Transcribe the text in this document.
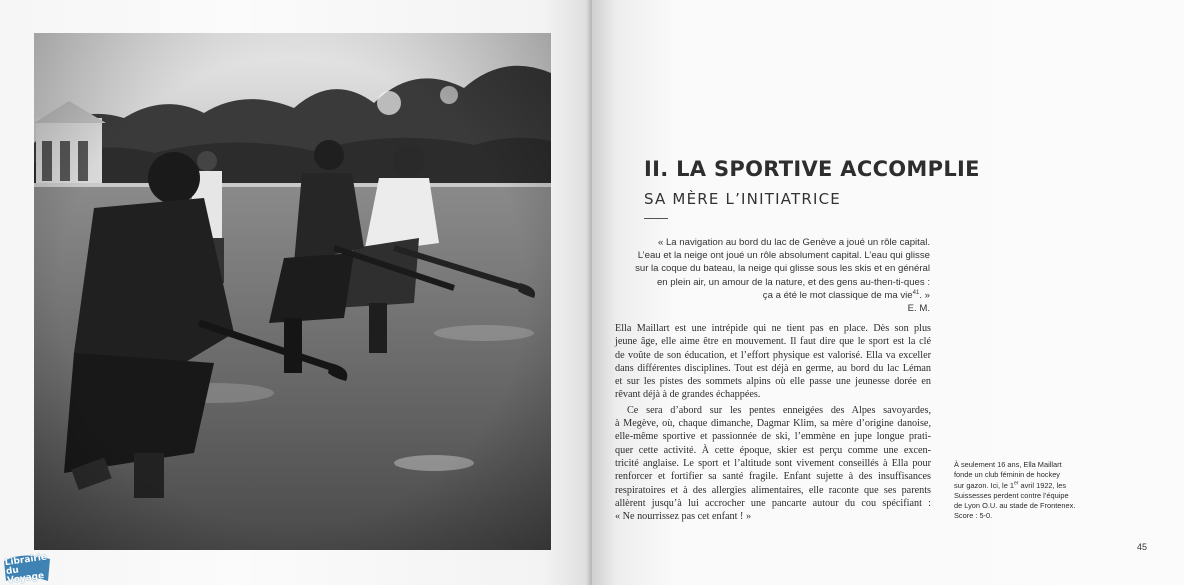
Librairie
du Voyage
II. LA SPORTIVE ACCOMPLIE
SA MÈRE L’INITIATRICE
« La navigation au bord du lac de Genève a joué un rôle capital.
L’eau et la neige ont joué un rôle absolument capital. L’eau qui glisse
sur la coque du bateau, la neige qui glisse sous les skis et en général
en plein air, un amour de la nature, et des gens au-then-ti-ques :
ça a été le mot classique de ma vie$^{41}$. »
E. M.
Ella Maillart est une intrépide qui ne tient pas en place. Dès son plus
jeune âge, elle aime être en mouvement. Il faut dire que le sport est la clé
de voûte de son éducation, et l’effort physique est valorisé. Ella va exceller
dans différentes disciplines. Tout est déjà en germe, au bord du lac Léman
et sur les pistes des sommets alpins où elle passe une jeunesse dorée en
rêvant déjà à de grandes échappées.
Ce sera d’abord sur les pentes enneigées des Alpes savoyardes,
à Megève, où, chaque dimanche, Dagmar Klim, sa mère d’origine danoise,
elle-même sportive et passionnée de ski, l’emmène en jupe longue prati-
quer cette activité. À cette époque, skier est perçu comme une excen-
tricité anglaise. Le sport et l’altitude sont vivement conseillés à Ella pour
renforcer et fortifier sa santé fragile. Enfant sujette à des insuffisances
respiratoires et à des allergies alimentaires, elle raconte que ses parents
allèrent jusqu’à lui accrocher une pancarte autour du cou spécifiant :
« Ne nourrissez pas cet enfant ! »
À seulement 16 ans, Ella Maillart
fonde un club féminin de hockey
sur gazon. Ici, le 1er avril 1922, les
Suissesses perdent contre l’équipe
de Lyon O.U. au stade de Frontenex.
Score : 5-0.
45
